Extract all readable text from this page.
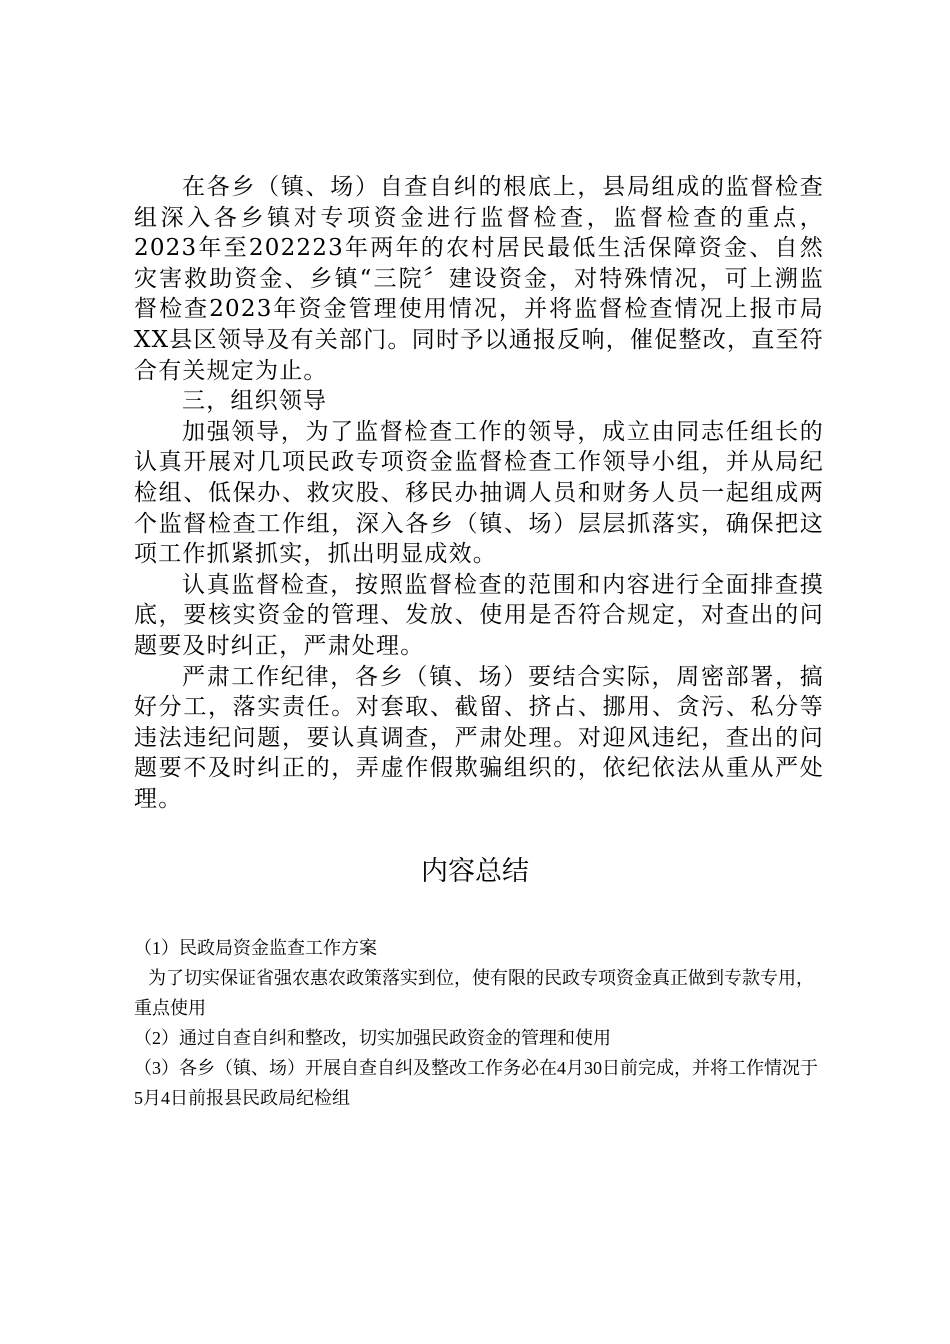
在各乡（镇、场）自查自纠的根底上，县局组成的监督检查组深入各乡镇对专项资金进行监督检查，监督检查的重点，2023年至202223年两年的农村居民最低生活保障资金、自然灾害救助资金、乡镇“三院〞建设资金，对特殊情况，可上溯监督检查2023年资金管理使用情况，并将监督检查情况上报市局XX县区领导及有关部门。同时予以通报反响，催促整改，直至符合有关规定为止。

三，组织领导

加强领导，为了监督检查工作的领导，成立由同志任组长的认真开展对几项民政专项资金监督检查工作领导小组，并从局纪检组、低保办、救灾股、移民办抽调人员和财务人员一起组成两个监督检查工作组，深入各乡（镇、场）层层抓落实，确保把这项工作抓紧抓实，抓出明显成效。

认真监督检查，按照监督检查的范围和内容进行全面排查摸底，要核实资金的管理、发放、使用是否符合规定，对查出的问题要及时纠正，严肃处理。

严肃工作纪律，各乡（镇、场）要结合实际，周密部署，搞好分工，落实责任。对套取、截留、挤占、挪用、贪污、私分等违法违纪问题，要认真调查，严肃处理。对迎风违纪，查出的问题要不及时纠正的，弄虚作假欺骗组织的，依纪依法从重从严处理。

内容总结

（1）民政局资金监查工作方案

为了切实保证省强农惠农政策落实到位，使有限的民政专项资金真正做到专款专用，重点使用

（2）通过自查自纠和整改，切实加强民政资金的管理和使用

（3）各乡（镇、场）开展自查自纠及整改工作务必在4月30日前完成，并将工作情况于5月4日前报县民政局纪检组
